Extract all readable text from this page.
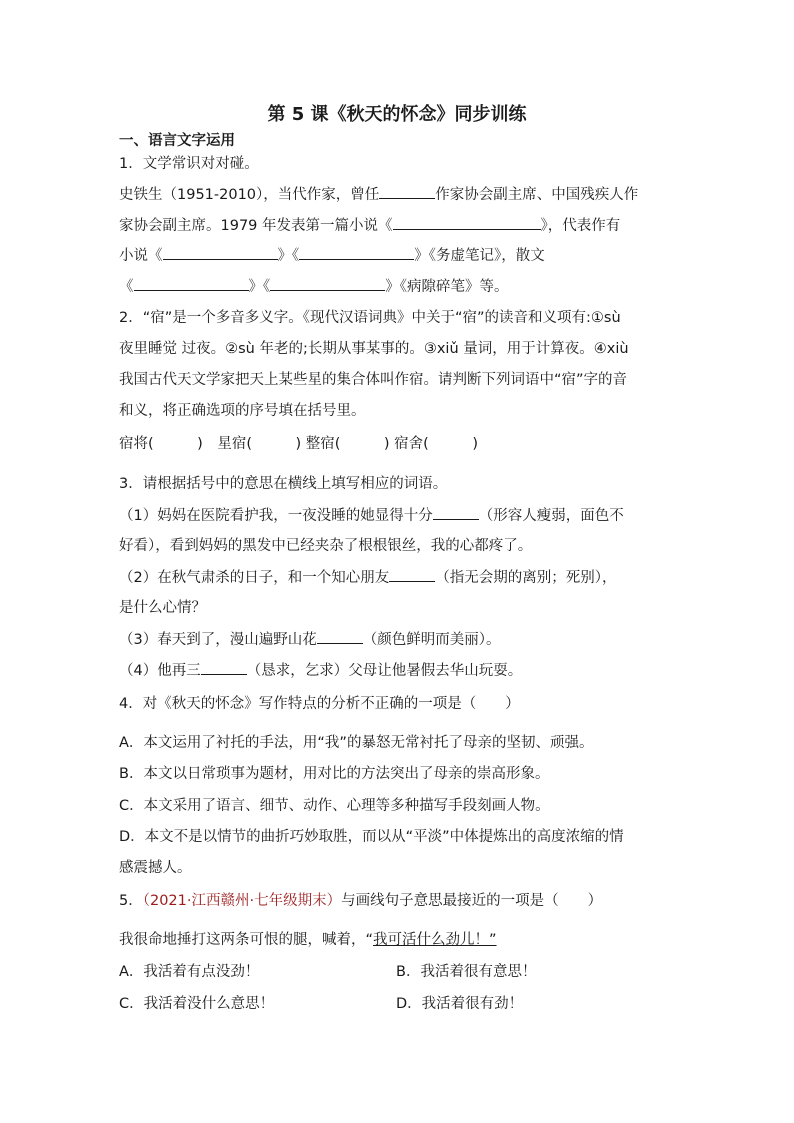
第 5 课《秋天的怀念》同步训练
一、语言文字运用
1．文学常识对对碰。
史铁生（1951-2010），当代作家，曾任	作家协会副主席、中国残疾人作
家协会副主席。1979 年发表第一篇小说《	》，代表作有
小说《	》《	》《务虚笔记》，散文
《	》《	》《病隙碎笔》等。
2．“宿”是一个多音多义字。《现代汉语词典》中关于“宿”的读音和义项有:①sù
夜里睡觉 过夜。②sù 年老的;长期从事某事的。③xiǔ 量词，用于计算夜。④xiù
我国古代天文学家把天上某些星的集合体叫作宿。请判断下列词语中“宿”字的音
和义，将正确选项的序号填在括号里。
宿将(　　　)　星宿(　　　) 整宿(　　　) 宿舍(　　　)
3．请根据括号中的意思在横线上填写相应的词语。
（1）妈妈在医院看护我，一夜没睡的她显得十分	（形容人瘦弱，面色不
好看），看到妈妈的黑发中已经夹杂了根根银丝，我的心都疼了。
（2）在秋气肃杀的日子，和一个知心朋友	（指无会期的离别；死别），
是什么心情？
（3）春天到了，漫山遍野山花	（颜色鲜明而美丽）。
（4）他再三	（恳求，乞求）父母让他暑假去华山玩耍。
4．对《秋天的怀念》写作特点的分析不正确的一项是（　　）
A．本文运用了衬托的手法，用“我”的暴怒无常衬托了母亲的坚韧、顽强。
B．本文以日常琐事为题材，用对比的方法突出了母亲的崇高形象。
C．本文采用了语言、细节、动作、心理等多种描写手段刻画人物。
D．本文不是以情节的曲折巧妙取胜，而以从“平淡”中体提炼出的高度浓缩的情
感震撼人。
5．（2021·江西赣州·七年级期末）与画线句子意思最接近的一项是（　　）
我很命地捶打这两条可恨的腿，喊着，“我可活什么劲儿！”
A．我活着有点没劲！	B．我活着很有意思！
C．我活着没什么意思！	D．我活着很有劲！
